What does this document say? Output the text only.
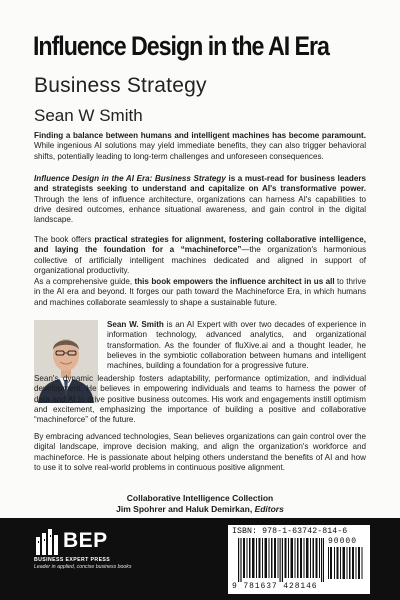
Influence Design in the AI Era
Business Strategy
Sean W Smith
Finding a balance between humans and intelligent machines has become paramount. While ingenious AI solutions may yield immediate benefits, they can also trigger behavioral shifts, potentially leading to long-term challenges and unforeseen consequences.
Influence Design in the AI Era: Business Strategy is a must-read for business leaders and strategists seeking to understand and capitalize on AI's transformative power. Through the lens of influence architecture, organizations can harness AI's capabilities to drive desired outcomes, enhance situational awareness, and gain control in the digital landscape.
The book offers practical strategies for alignment, fostering collaborative intelligence, and laying the foundation for a “machineforce”—the organization's harmonious collective of artificially intelligent machines dedicated and aligned in support of organizational productivity.
As a comprehensive guide, this book empowers the influence architect in us all to thrive in the AI era and beyond. It forges our path toward the Machineforce Era, in which humans and machines collaborate seamlessly to shape a sustainable future.
Sean W. Smith is an AI Expert with over two decades of experience in information technology, advanced analytics, and organizational transformation. As the founder of fluXive.ai and a thought leader, he believes in the symbiotic collaboration between humans and intelligent machines, building a foundation for a progressive future.
Sean's dynamic leadership fosters adaptability, performance optimization, and individual development. He believes in empowering individuals and teams to harness the power of data and AI to drive positive business outcomes. His work and engagements instill optimism and excitement, emphasizing the importance of building a positive and collaborative “machineforce” of the future.
By embracing advanced technologies, Sean believes organizations can gain control over the digital landscape, improve decision making, and align the organization's workforce and machineforce. He is passionate about helping others understand the benefits of AI and how to use it to solve real-world problems in continuous positive alignment.
Collaborative Intelligence Collection
Jim Spohrer and Haluk Demirkan, Editors
BEP
BUSINESS EXPERT PRESS
Leader in applied, concise business books
ISBN: 978-1-63742-814-6
90000
9 781637 428146
